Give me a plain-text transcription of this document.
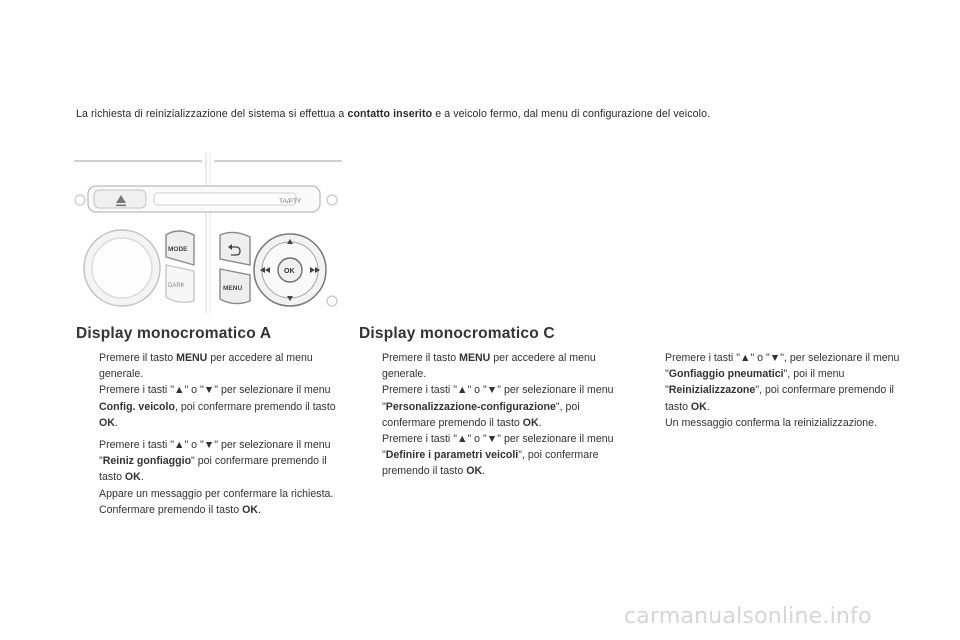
La richiesta di reinizializzazione del sistema si effettua a contatto inserito e a veicolo fermo, dal menu di configurazione del veicolo.
TA/PTY
MODE
DARK	MENU
OK
Display monocromatico A	Display monocromatico C
Premere il tasto MENU per accedere al menu generale.
Premere i tasti "▲" o "▼" per selezionare il menu Config. veicolo, poi confermare premendo il tasto OK.
Premere i tasti "▲" o "▼" per selezionare il menu "Reiniz gonfiaggio" poi confermare premendo il tasto OK.
Appare un messaggio per confermare la richiesta.
Confermare premendo il tasto OK.
Premere il tasto MENU per accedere al menu generale.
Premere i tasti "▲" o "▼" per selezionare il menu "Personalizzazione-configurazione", poi confermare premendo il tasto OK.
Premere i tasti "▲" o "▼" per selezionare il menu "Definire i parametri veicoli", poi confermare premendo il tasto OK.
Premere i tasti "▲" o "▼", per selezionare il menu "Gonfiaggio pneumatici", poi il menu "Reinizializzazone", poi confermare premendo il tasto OK.
Un messaggio conferma la reinizializzazione.
carmanualsonline.info
